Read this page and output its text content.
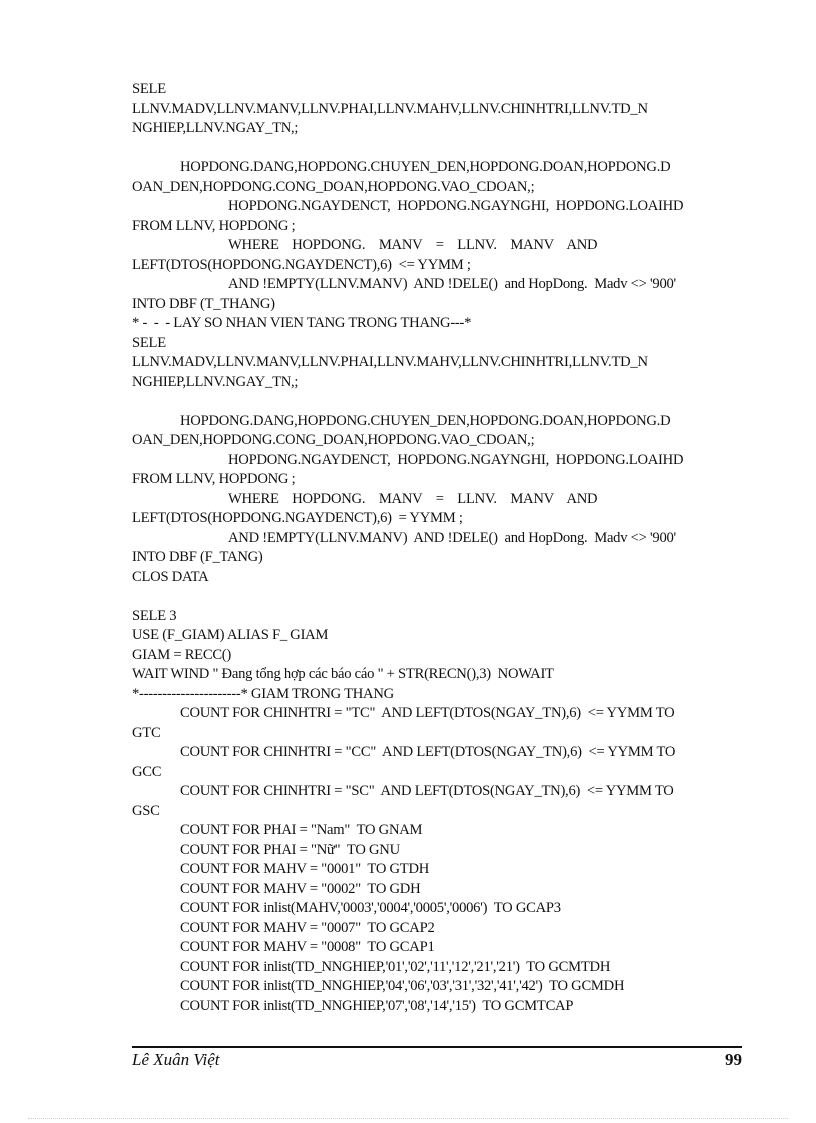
SELE
LLNV.MADV,LLNV.MANV,LLNV.PHAI,LLNV.MAHV,LLNV.CHINHTRI,LLNV.TD_N
NGHIEP,LLNV.NGAY_TN,;
HOPDONG.DANG,HOPDONG.CHUYEN_DEN,HOPDONG.DOAN,HOPDONG.D
OAN_DEN,HOPDONG.CONG_DOAN,HOPDONG.VAO_CDOAN,;
HOPDONG.NGAYDENCT,  HOPDONG.NGAYNGHI,  HOPDONG.LOAIHD
FROM LLNV, HOPDONG ;
WHERE    HOPDONG.    MANV    =    LLNV.    MANV    AND
LEFT(DTOS(HOPDONG.NGAYDENCT),6)  <= YYMM ;
AND !EMPTY(LLNV.MANV)  AND !DELE()  and HopDong.  Madv <> '900'
INTO DBF (T_THANG)
* -  -  - LAY SO NHAN VIEN TANG TRONG THANG---*
SELE
LLNV.MADV,LLNV.MANV,LLNV.PHAI,LLNV.MAHV,LLNV.CHINHTRI,LLNV.TD_N
NGHIEP,LLNV.NGAY_TN,;
HOPDONG.DANG,HOPDONG.CHUYEN_DEN,HOPDONG.DOAN,HOPDONG.D
OAN_DEN,HOPDONG.CONG_DOAN,HOPDONG.VAO_CDOAN,;
HOPDONG.NGAYDENCT,  HOPDONG.NGAYNGHI,  HOPDONG.LOAIHD
FROM LLNV, HOPDONG ;
WHERE    HOPDONG.    MANV    =    LLNV.    MANV    AND
LEFT(DTOS(HOPDONG.NGAYDENCT),6)  = YYMM ;
AND !EMPTY(LLNV.MANV)  AND !DELE()  and HopDong.  Madv <> '900'
INTO DBF (F_TANG)
CLOS DATA
SELE 3
USE (F_GIAM) ALIAS F_ GIAM
GIAM = RECC()
WAIT WIND " Đang tổng hợp các báo cáo " + STR(RECN(),3)  NOWAIT
*----------------------* GIAM TRONG THANG
COUNT FOR CHINHTRI = "TC"  AND LEFT(DTOS(NGAY_TN),6)  <= YYMM TO
GTC
COUNT FOR CHINHTRI = "CC"  AND LEFT(DTOS(NGAY_TN),6)  <= YYMM TO
GCC
COUNT FOR CHINHTRI = "SC"  AND LEFT(DTOS(NGAY_TN),6)  <= YYMM TO
GSC
COUNT FOR PHAI = "Nam"  TO GNAM
COUNT FOR PHAI = "Nữ"  TO GNU
COUNT FOR MAHV = "0001"  TO GTDH
COUNT FOR MAHV = "0002"  TO GDH
COUNT FOR inlist(MAHV,'0003','0004','0005','0006')  TO GCAP3
COUNT FOR MAHV = "0007"  TO GCAP2
COUNT FOR MAHV = "0008"  TO GCAP1
COUNT FOR inlist(TD_NNGHIEP,'01','02','11','12','21','21')  TO GCMTDH
COUNT FOR inlist(TD_NNGHIEP,'04','06','03','31','32','41','42')  TO GCMDH
COUNT FOR inlist(TD_NNGHIEP,'07','08','14','15')  TO GCMTCAP
Lê Xuân Việt	99
